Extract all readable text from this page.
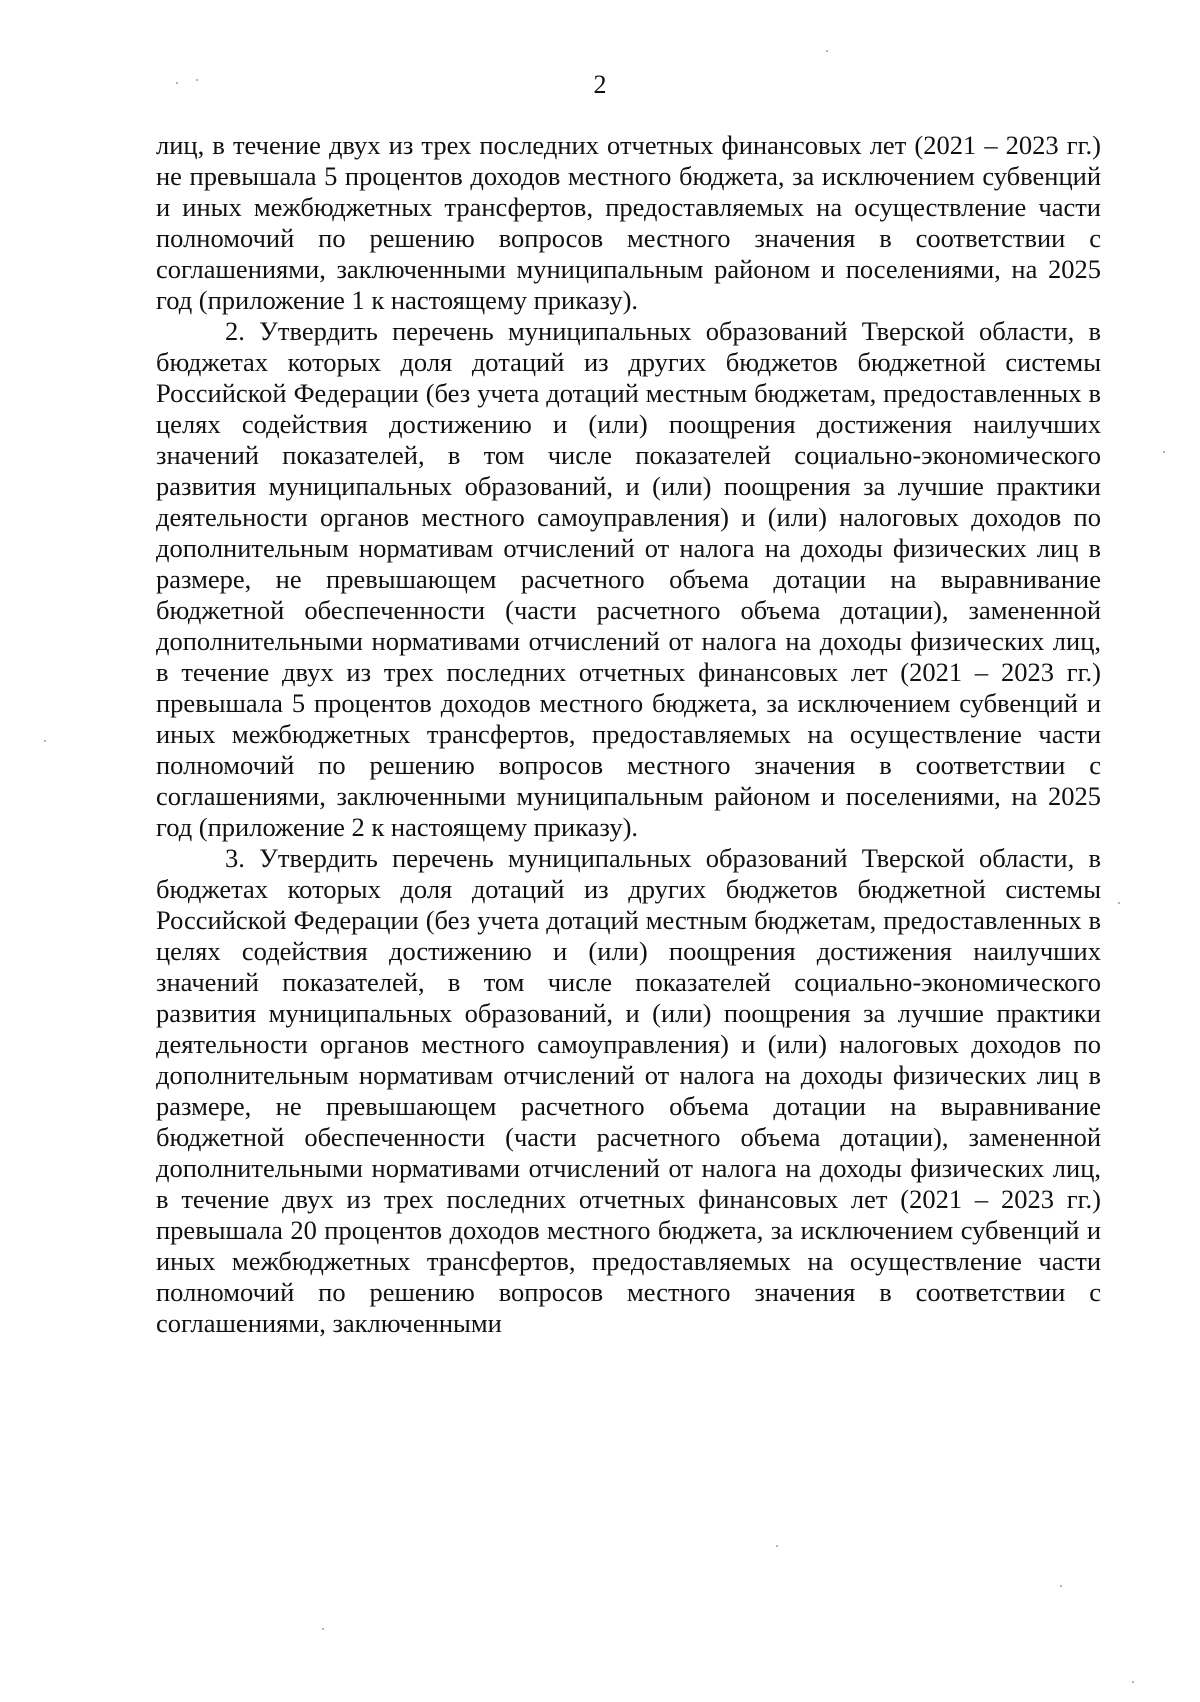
2

лиц, в течение двух из трех последних отчетных финансовых лет (2021 – 2023 гг.) не превышала 5 процентов доходов местного бюджета, за исключением субвенций и иных межбюджетных трансфертов, предоставляемых на осуществление части полномочий по решению вопросов местного значения в соответствии с соглашениями, заключенными муниципальным районом и поселениями, на 2025 год (приложение 1 к настоящему приказу).

2. Утвердить перечень муниципальных образований Тверской области, в бюджетах которых доля дотаций из других бюджетов бюджетной системы Российской Федерации (без учета дотаций местным бюджетам, предоставленных в целях содействия достижению и (или) поощрения достижения наилучших значений показателей, в том числе показателей социально-экономического развития муниципальных образований, и (или) поощрения за лучшие практики деятельности органов местного самоуправления) и (или) налоговых доходов по дополнительным нормативам отчислений от налога на доходы физических лиц в размере, не превышающем расчетного объема дотации на выравнивание бюджетной обеспеченности (части расчетного объема дотации), замененной дополнительными нормативами отчислений от налога на доходы физических лиц, в течение двух из трех последних отчетных финансовых лет (2021 – 2023 гг.) превышала 5 процентов доходов местного бюджета, за исключением субвенций и иных межбюджетных трансфертов, предоставляемых на осуществление части полномочий по решению вопросов местного значения в соответствии с соглашениями, заключенными муниципальным районом и поселениями, на 2025 год (приложение 2 к настоящему приказу).

3. Утвердить перечень муниципальных образований Тверской области, в бюджетах которых доля дотаций из других бюджетов бюджетной системы Российской Федерации (без учета дотаций местным бюджетам, предоставленных в целях содействия достижению и (или) поощрения достижения наилучших значений показателей, в том числе показателей социально-экономического развития муниципальных образований, и (или) поощрения за лучшие практики деятельности органов местного самоуправления) и (или) налоговых доходов по дополнительным нормативам отчислений от налога на доходы физических лиц в размере, не превышающем расчетного объема дотации на выравнивание бюджетной обеспеченности (части расчетного объема дотации), замененной дополнительными нормативами отчислений от налога на доходы физических лиц, в течение двух из трех последних отчетных финансовых лет (2021 – 2023 гг.) превышала 20 процентов доходов местного бюджета, за исключением субвенций и иных межбюджетных трансфертов, предоставляемых на осуществление части полномочий по решению вопросов местного значения в соответствии с соглашениями, заключенными
